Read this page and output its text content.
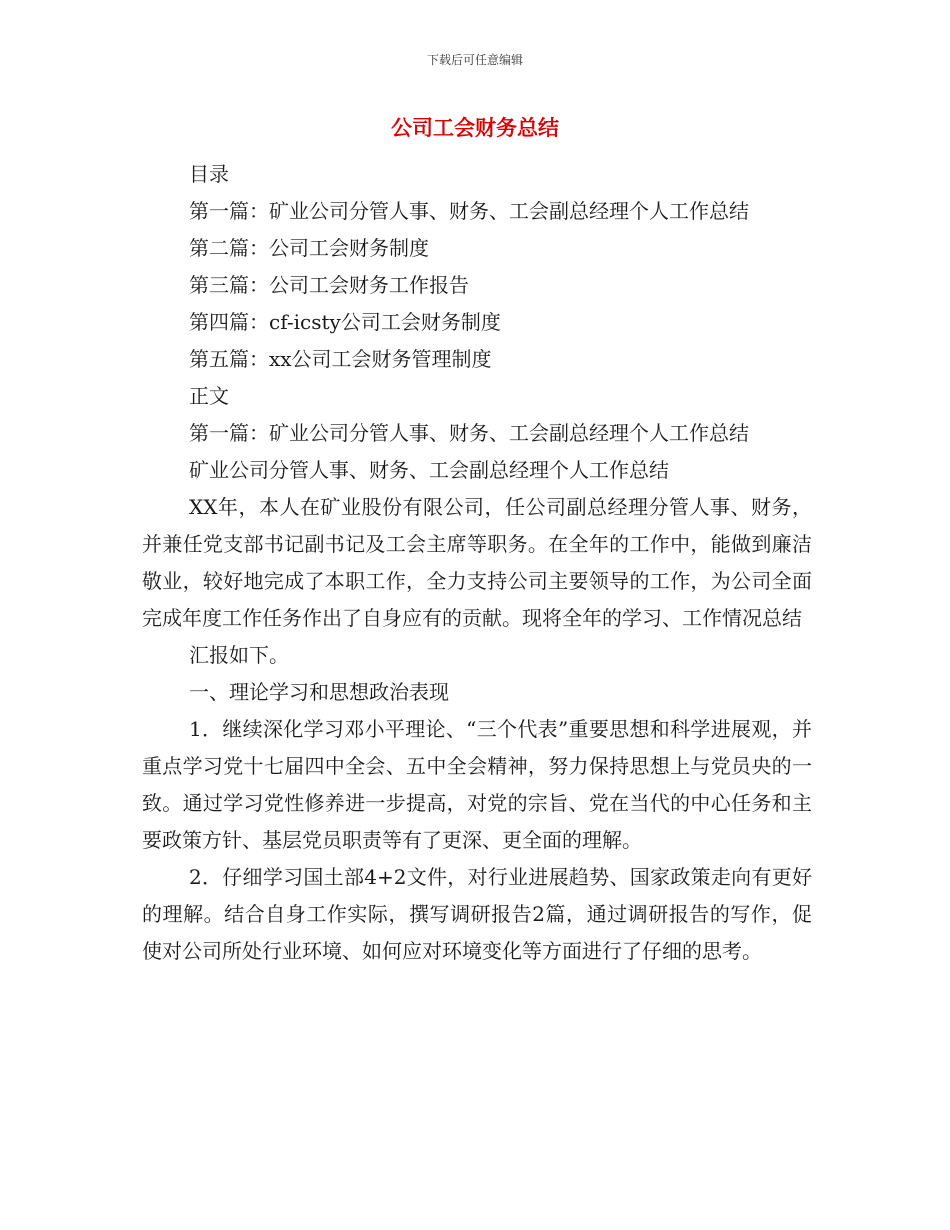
下载后可任意编辑
公司工会财务总结
目录
第一篇：矿业公司分管人事、财务、工会副总经理个人工作总结
第二篇：公司工会财务制度
第三篇：公司工会财务工作报告
第四篇：cf-icsty公司工会财务制度
第五篇：xx公司工会财务管理制度
正文
第一篇：矿业公司分管人事、财务、工会副总经理个人工作总结
矿业公司分管人事、财务、工会副总经理个人工作总结

XX年，本人在矿业股份有限公司，任公司副总经理分管人事、财务，并兼任党支部书记副书记及工会主席等职务。在全年的工作中，能做到廉洁敬业，较好地完成了本职工作，全力支持公司主要领导的工作，为公司全面完成年度工作任务作出了自身应有的贡献。现将全年的学习、工作情况总结

汇报如下。

一、理论学习和思想政治表现

1．继续深化学习邓小平理论、“三个代表”重要思想和科学进展观，并重点学习党十七届四中全会、五中全会精神，努力保持思想上与党员央的一致。通过学习党性修养进一步提高，对党的宗旨、党在当代的中心任务和主要政策方针、基层党员职责等有了更深、更全面的理解。

2．仔细学习国土部4+2文件，对行业进展趋势、国家政策走向有更好的理解。结合自身工作实际，撰写调研报告2篇，通过调研报告的写作，促使对公司所处行业环境、如何应对环境变化等方面进行了仔细的思考。
